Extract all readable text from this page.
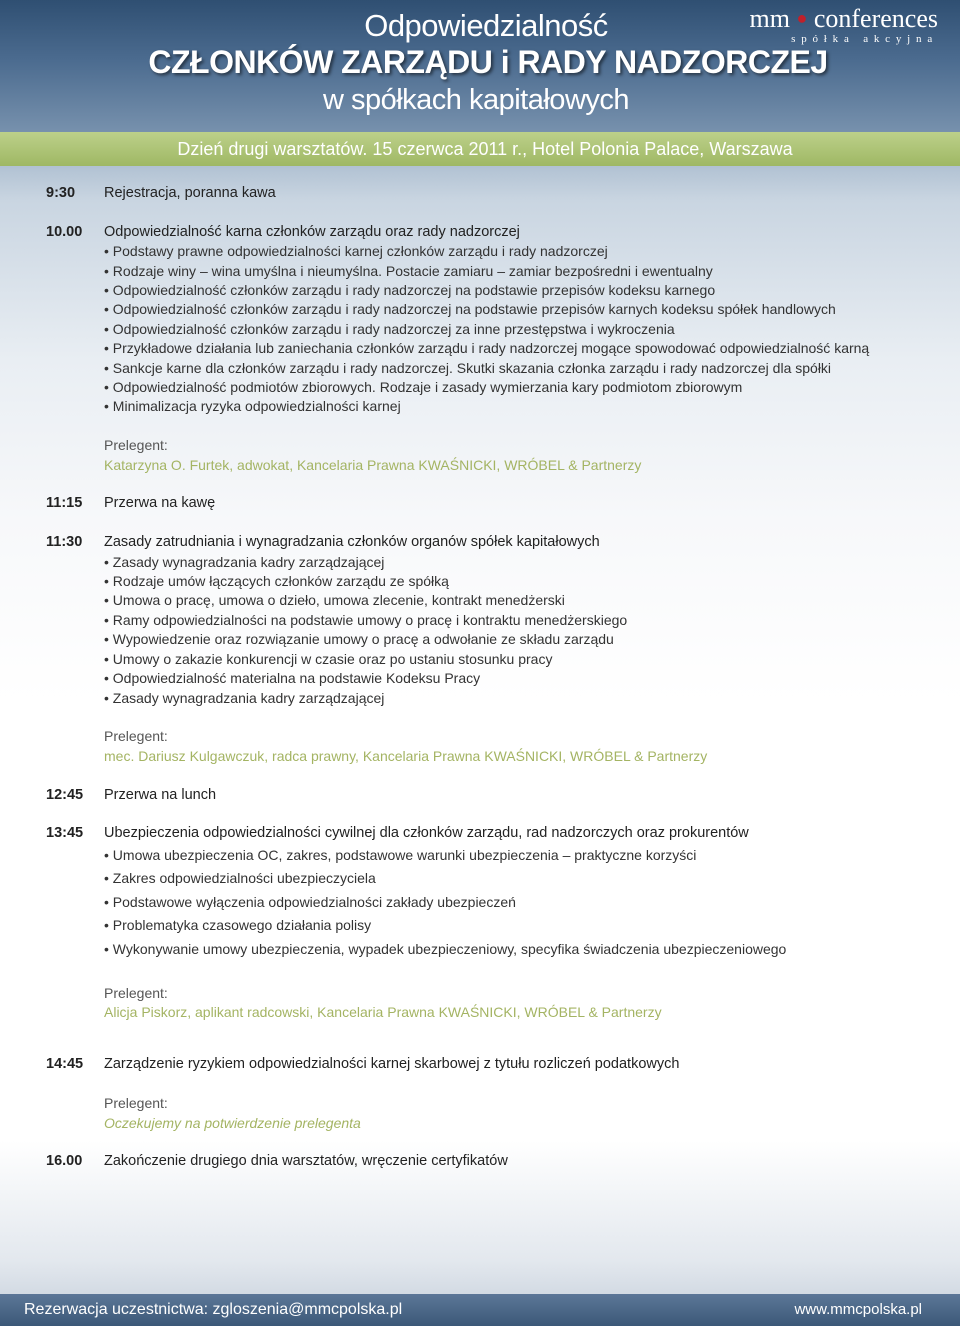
Odpowiedzialność
CZŁONKÓW ZARZĄDU i RADY NADZORCZEJ
w spółkach kapitałowych
mm ● conferences
spółka akcyjna
Dzień drugi warsztatów. 15 czerwca 2011 r., Hotel Polonia Palace, Warszawa
9:30	Rejestracja, poranna kawa
10.00	Odpowiedzialność karna członków zarządu oraz rady nadzorczej
• Podstawy prawne odpowiedzialności karnej członków zarządu i rady nadzorczej
• Rodzaje winy – wina umyślna i nieumyślna. Postacie zamiaru – zamiar bezpośredni i ewentualny
• Odpowiedzialność członków zarządu i rady nadzorczej na podstawie przepisów kodeksu karnego
• Odpowiedzialność członków zarządu i rady nadzorczej na podstawie przepisów karnych kodeksu spółek handlowych
• Odpowiedzialność członków zarządu i rady nadzorczej za inne przestępstwa i wykroczenia
• Przykładowe działania lub zaniechania członków zarządu i rady nadzorczej mogące spowodować odpowiedzialność karną
• Sankcje karne dla członków zarządu i rady nadzorczej. Skutki skazania członka zarządu i rady nadzorczej dla spółki
• Odpowiedzialność podmiotów zbiorowych. Rodzaje i zasady wymierzania kary podmiotom zbiorowym
• Minimalizacja ryzyka odpowiedzialności karnej
Prelegent:
Katarzyna O. Furtek, adwokat, Kancelaria Prawna KWAŚNICKI, WRÓBEL & Partnerzy
11:15	Przerwa na kawę
11:30	Zasady zatrudniania i wynagradzania członków organów spółek kapitałowych
• Zasady wynagradzania kadry zarządzającej
• Rodzaje umów łączących członków zarządu ze spółką
• Umowa o pracę, umowa o dzieło, umowa zlecenie, kontrakt menedżerski
• Ramy odpowiedzialności na podstawie umowy o pracę i kontraktu menedżerskiego
• Wypowiedzenie oraz rozwiązanie umowy o pracę a odwołanie ze składu zarządu
• Umowy o zakazie konkurencji w czasie oraz po ustaniu stosunku pracy
• Odpowiedzialność materialna na podstawie Kodeksu Pracy
• Zasady wynagradzania kadry zarządzającej
Prelegent:
mec. Dariusz Kulgawczuk, radca prawny, Kancelaria Prawna KWAŚNICKI, WRÓBEL & Partnerzy
12:45	Przerwa na lunch
13:45	Ubezpieczenia odpowiedzialności cywilnej dla członków zarządu, rad nadzorczych oraz prokurentów
• Umowa ubezpieczenia OC, zakres, podstawowe warunki ubezpieczenia – praktyczne korzyści
• Zakres odpowiedzialności ubezpieczyciela
• Podstawowe wyłączenia odpowiedzialności zakłady ubezpieczeń
• Problematyka czasowego działania polisy
• Wykonywanie umowy ubezpieczenia, wypadek ubezpieczeniowy, specyfika świadczenia ubezpieczeniowego
Prelegent:
Alicja Piskorz, aplikant radcowski, Kancelaria Prawna KWAŚNICKI, WRÓBEL & Partnerzy
14:45	Zarządzenie ryzykiem odpowiedzialności karnej skarbowej z tytułu rozliczeń podatkowych
Prelegent:
Oczekujemy na potwierdzenie prelegenta
16.00	Zakończenie drugiego dnia warsztatów, wręczenie certyfikatów
Rezerwacja uczestnictwa: zgloszenia@mmcpolska.pl	www.mmcpolska.pl
